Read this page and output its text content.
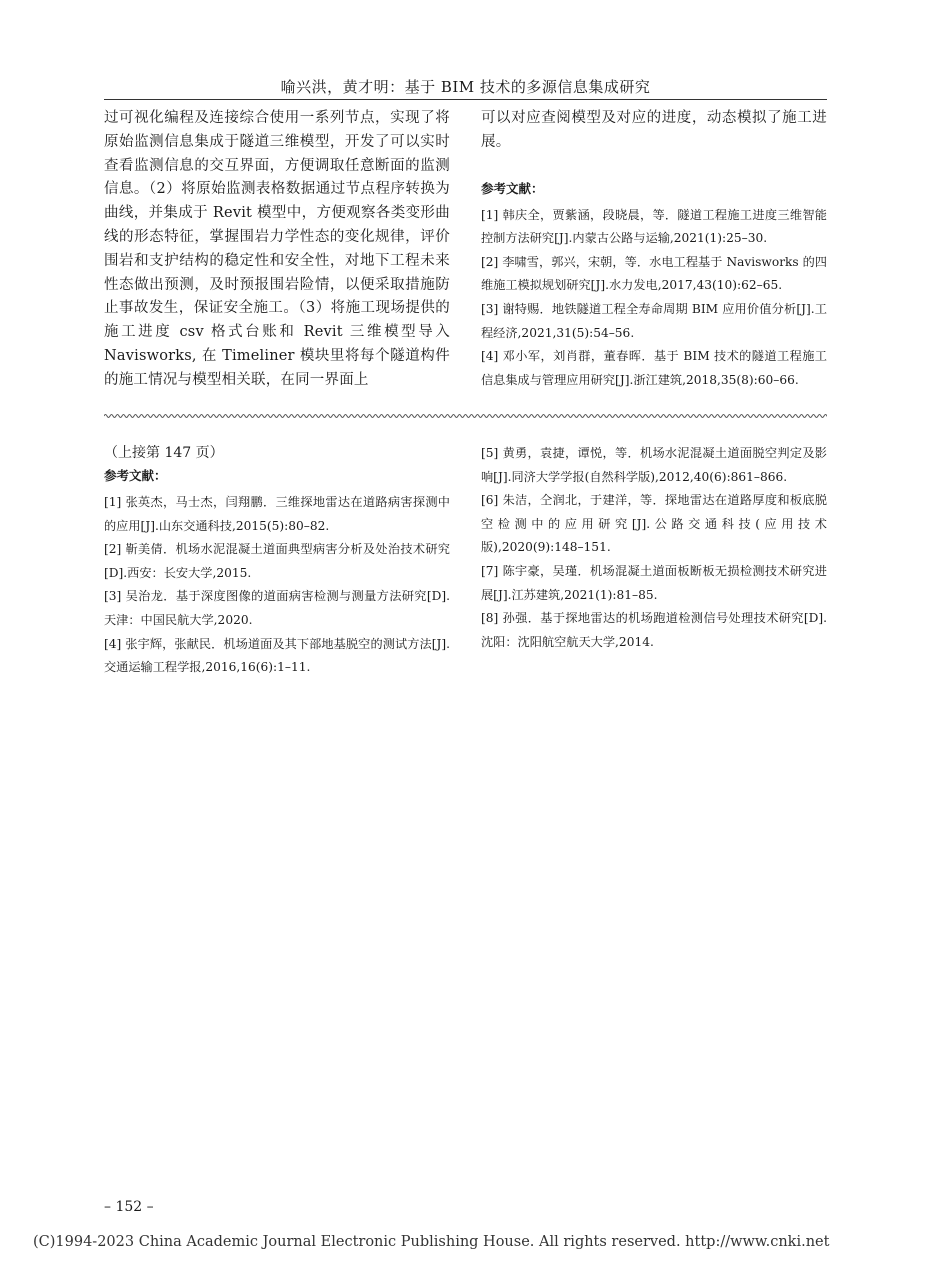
喻兴洪，黄才明：基于 BIM 技术的多源信息集成研究

过可视化编程及连接综合使用一系列节点，实现了将原始监测信息集成于隧道三维模型，开发了可以实时查看监测信息的交互界面，方便调取任意断面的监测信息。（2）将原始监测表格数据通过节点程序转换为曲线，并集成于 Revit 模型中，方便观察各类变形曲线的形态特征，掌握围岩力学性态的变化规律，评价围岩和支护结构的稳定性和安全性，对地下工程未来性态做出预测，及时预报围岩险情，以便采取措施防止事故发生，保证安全施工。（3）将施工现场提供的施工进度 csv 格式台账和 Revit 三维模型导入 Navisworks, 在 Timeliner 模块里将每个隧道构件的施工情况与模型相关联，在同一界面上

可以对应查阅模型及对应的进度，动态模拟了施工进展。

参考文献：

[1] 韩庆全，贾紫涵，段晓晨，等．隧道工程施工进度三维智能控制方法研究[J].内蒙古公路与运输,2021(1):25–30.

[2] 李啸雪，郭兴，宋朝，等．水电工程基于 Navisworks 的四维施工模拟规划研究[J].水力发电,2017,43(10):62–65.

[3] 谢特赐．地铁隧道工程全寿命周期 BIM 应用价值分析[J].工程经济,2021,31(5):54–56.

[4] 邓小军，刘肖群，董春晖．基于 BIM 技术的隧道工程施工信息集成与管理应用研究[J].浙江建筑,2018,35(8):60–66.

（上接第 147 页）

参考文献：

[1] 张英杰，马士杰，闫翔鹏．三维探地雷达在道路病害探测中的应用[J].山东交通科技,2015(5):80–82.

[2] 靳美倩．机场水泥混凝土道面典型病害分析及处治技术研究[D].西安：长安大学,2015.

[3] 吴治龙．基于深度图像的道面病害检测与测量方法研究[D].天津：中国民航大学,2020.

[4] 张宇辉，张献民．机场道面及其下部地基脱空的测试方法[J].交通运输工程学报,2016,16(6):1–11.

[5] 黄勇，袁捷，谭悦，等．机场水泥混凝土道面脱空判定及影响[J].同济大学学报(自然科学版),2012,40(6):861–866.

[6] 朱洁，仝润北，于建洋，等．探地雷达在道路厚度和板底脱空检测中的应用研究[J].公路交通科技(应用技术版),2020(9):148–151.

[7] 陈宇豪，吴瑾．机场混凝土道面板断板无损检测技术研究进展[J].江苏建筑,2021(1):81–85.

[8] 孙强．基于探地雷达的机场跑道检测信号处理技术研究[D].沈阳：沈阳航空航天大学,2014.

– 152 –
(C)1994-2023 China Academic Journal Electronic Publishing House. All rights reserved. http://www.cnki.net
